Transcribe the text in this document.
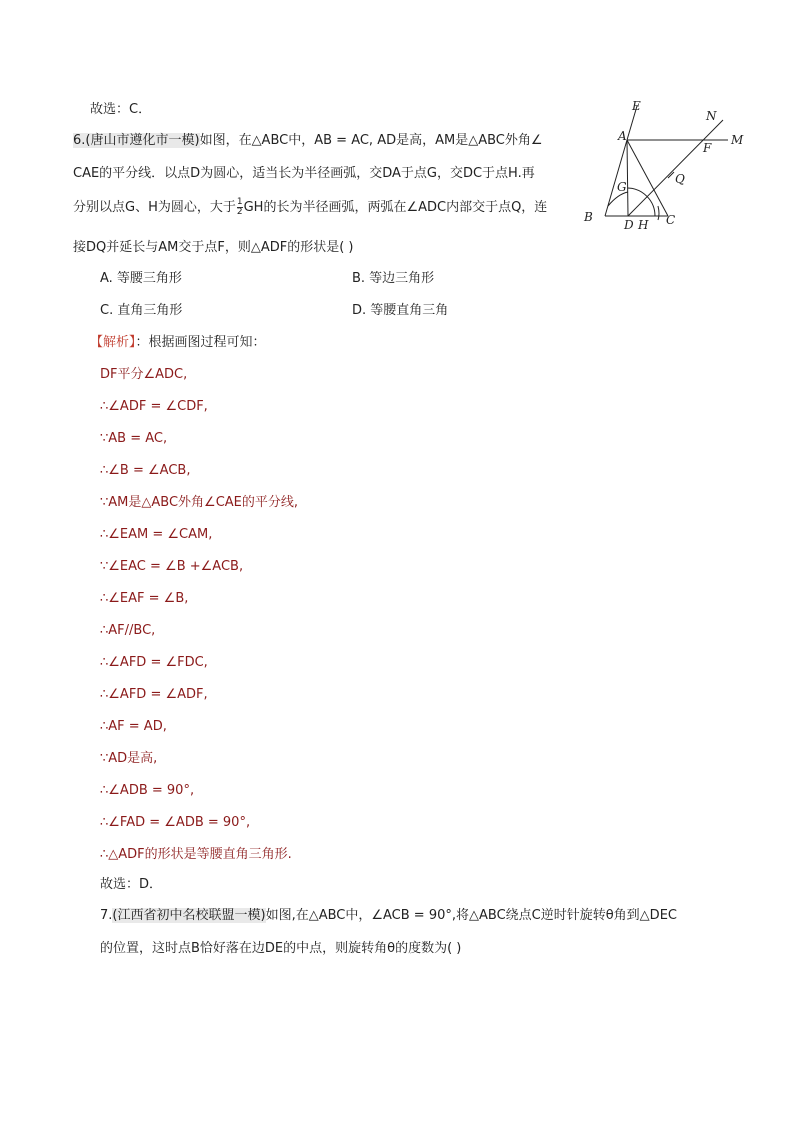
故选：C．
6.(唐山市遵化市一模)如图，在△ABC中，AB = AC, AD是高，AM是△ABC外角∠
CAE的平分线．以点D为圆心，适当长为半径画弧，交DA于点G，交DC于点H.再
分别以点G、H为圆心，大于 $\frac{1}{2}$ GH的长为半径画弧，两弧在∠ADC内部交于点Q，连
接DQ并延长与AM交于点F，则△ADF的形状是( )
A. 等腰三角形	B. 等边三角形
C. 直角三角形	D. 等腰直角三角
【解析】：根据画图过程可知：
DF平分∠ADC,
∴∠ADF = ∠CDF,
∵AB = AC,
∴∠B = ∠ACB,
∵AM是△ABC外角∠CAE的平分线,
∴∠EAM = ∠CAM,
∵∠EAC = ∠B +∠ACB,
∴∠EAF = ∠B,
∴AF//BC,
∴∠AFD = ∠FDC,
∴∠AFD = ∠ADF,
∴AF = AD,
∵AD是高,
∴∠ADB = 90°,
∴∠FAD = ∠ADB = 90°,
∴△ADF的形状是等腰直角三角形.
故选：D．
7.(江西省初中名校联盟一模)如图,在△ABC中，∠ACB = 90°,将△ABC绕点C逆时针旋转θ角到△DEC
的位置，这时点B恰好落在边DE的中点，则旋转角θ的度数为( )
E
A
N
M
F
G
Q
B
D H C
